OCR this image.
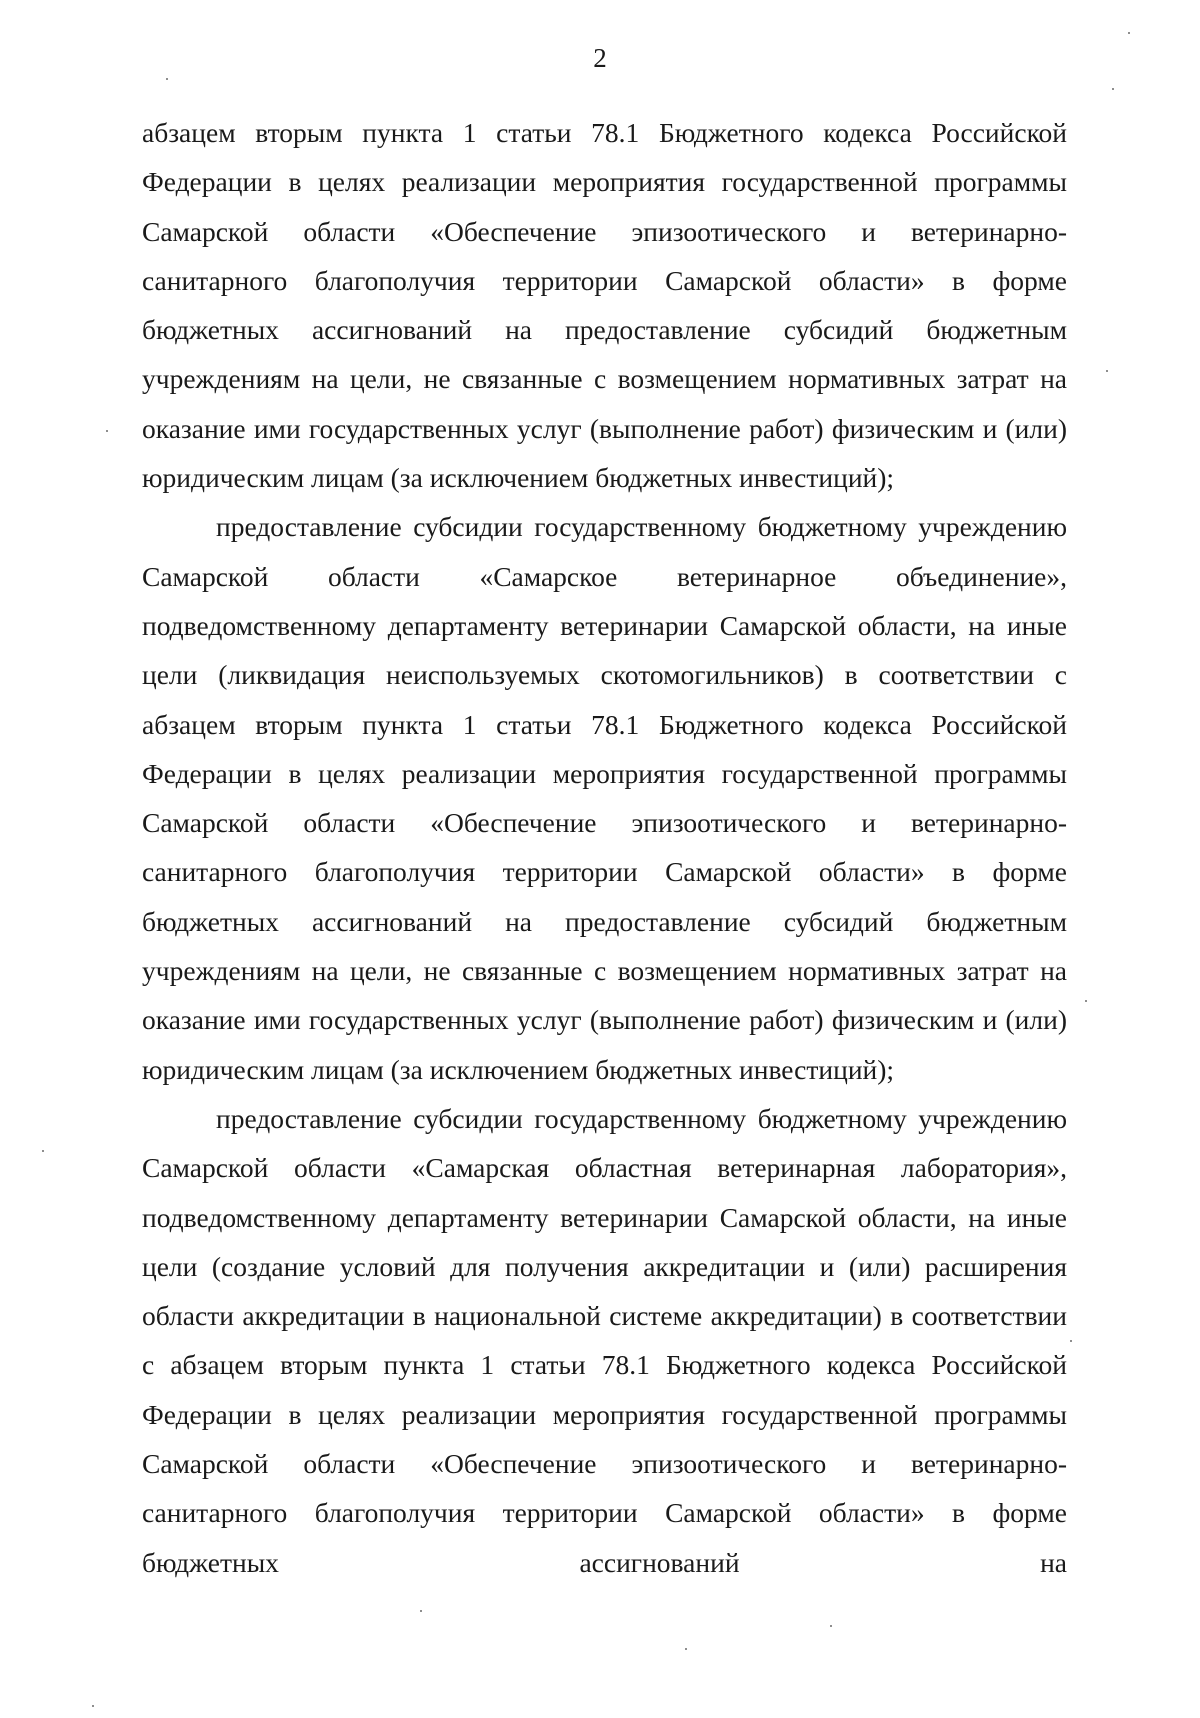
2

абзацем вторым пункта 1 статьи 78.1 Бюджетного кодекса Российской Федерации в целях реализации мероприятия государственной программы Самарской области «Обеспечение эпизоотического и ветеринарно-санитарного благополучия территории Самарской области» в форме бюджетных ассигнований на предоставление субсидий бюджетным учреждениям на цели, не связанные с возмещением нормативных затрат на оказание ими государственных услуг (выполнение работ) физическим и (или) юридическим лицам (за исключением бюджетных инвестиций);

предоставление субсидии государственному бюджетному учреждению Самарской области «Самарское ветеринарное объединение», подведомственному департаменту ветеринарии Самарской области, на иные цели (ликвидация неиспользуемых скотомогильников) в соответствии с абзацем вторым пункта 1 статьи 78.1 Бюджетного кодекса Российской Федерации в целях реализации мероприятия государственной программы Самарской области «Обеспечение эпизоотического и ветеринарно-санитарного благополучия территории Самарской области» в форме бюджетных ассигнований на предоставление субсидий бюджетным учреждениям на цели, не связанные с возмещением нормативных затрат на оказание ими государственных услуг (выполнение работ) физическим и (или) юридическим лицам (за исключением бюджетных инвестиций);

предоставление субсидии государственному бюджетному учреждению Самарской области «Самарская областная ветеринарная лаборатория», подведомственному департаменту ветеринарии Самарской области, на иные цели (создание условий для получения аккредитации и (или) расширения области аккредитации в национальной системе аккредитации) в соответствии с абзацем вторым пункта 1 статьи 78.1 Бюджетного кодекса Российской Федерации в целях реализации мероприятия государственной программы Самарской области «Обеспечение эпизоотического и ветеринарно-санитарного благополучия территории Самарской области» в форме бюджетных ассигнований на
